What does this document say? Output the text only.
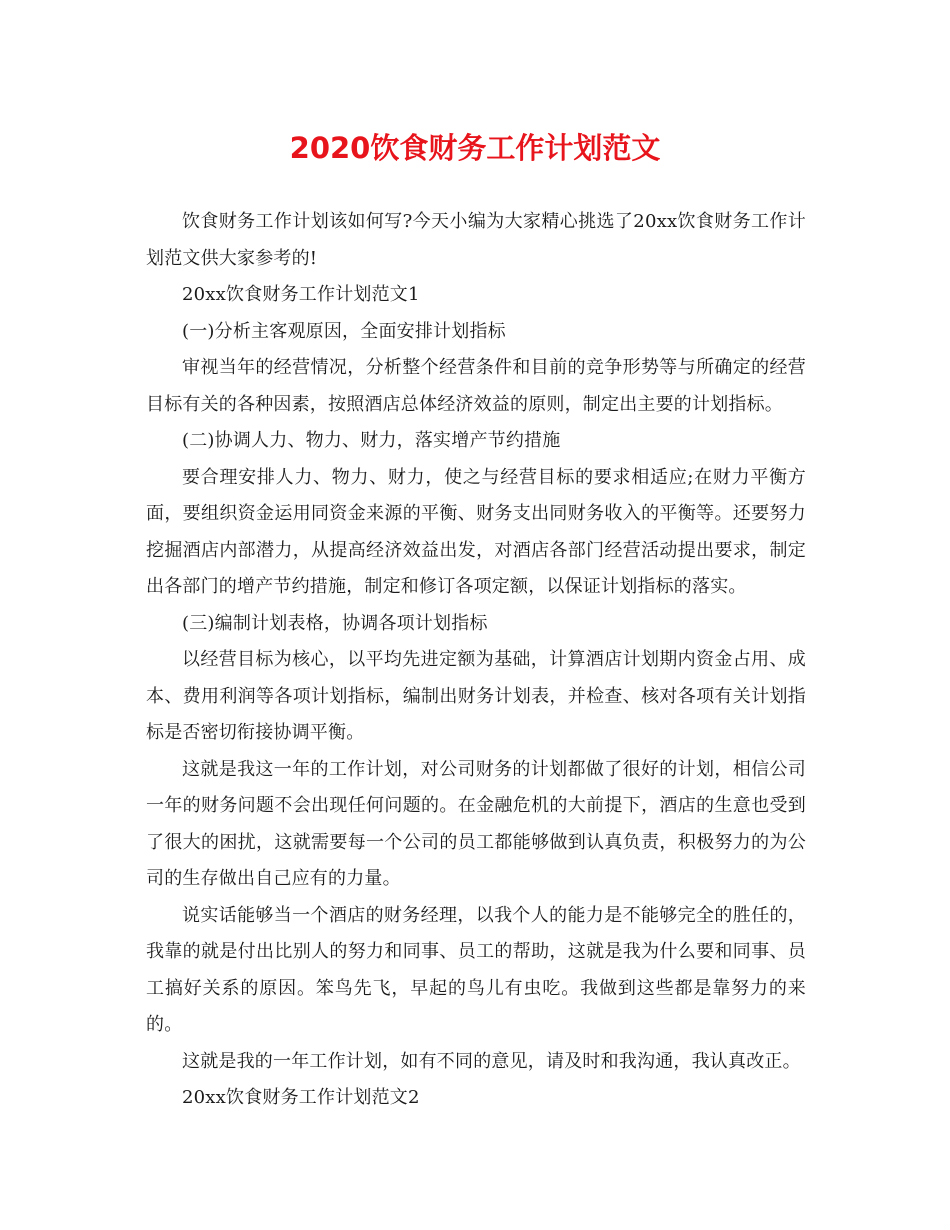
2020饮食财务工作计划范文

饮食财务工作计划该如何写?今天小编为大家精心挑选了20xx饮食财务工作计划范文供大家参考的!

20xx饮食财务工作计划范文1

(一)分析主客观原因，全面安排计划指标

审视当年的经营情况，分析整个经营条件和目前的竞争形势等与所确定的经营目标有关的各种因素，按照酒店总体经济效益的原则，制定出主要的计划指标。

(二)协调人力、物力、财力，落实增产节约措施

要合理安排人力、物力、财力，使之与经营目标的要求相适应;在财力平衡方面，要组织资金运用同资金来源的平衡、财务支出同财务收入的平衡等。还要努力挖掘酒店内部潜力，从提高经济效益出发，对酒店各部门经营活动提出要求，制定出各部门的增产节约措施，制定和修订各项定额，以保证计划指标的落实。

(三)编制计划表格，协调各项计划指标

以经营目标为核心，以平均先进定额为基础，计算酒店计划期内资金占用、成本、费用利润等各项计划指标，编制出财务计划表，并检查、核对各项有关计划指标是否密切衔接协调平衡。

这就是我这一年的工作计划，对公司财务的计划都做了很好的计划，相信公司一年的财务问题不会出现任何问题的。在金融危机的大前提下，酒店的生意也受到了很大的困扰，这就需要每一个公司的员工都能够做到认真负责，积极努力的为公司的生存做出自己应有的力量。

说实话能够当一个酒店的财务经理，以我个人的能力是不能够完全的胜任的，我靠的就是付出比别人的努力和同事、员工的帮助，这就是我为什么要和同事、员工搞好关系的原因。笨鸟先飞，早起的鸟儿有虫吃。我做到这些都是靠努力的来的。

这就是我的一年工作计划，如有不同的意见，请及时和我沟通，我认真改正。

20xx饮食财务工作计划范文2
